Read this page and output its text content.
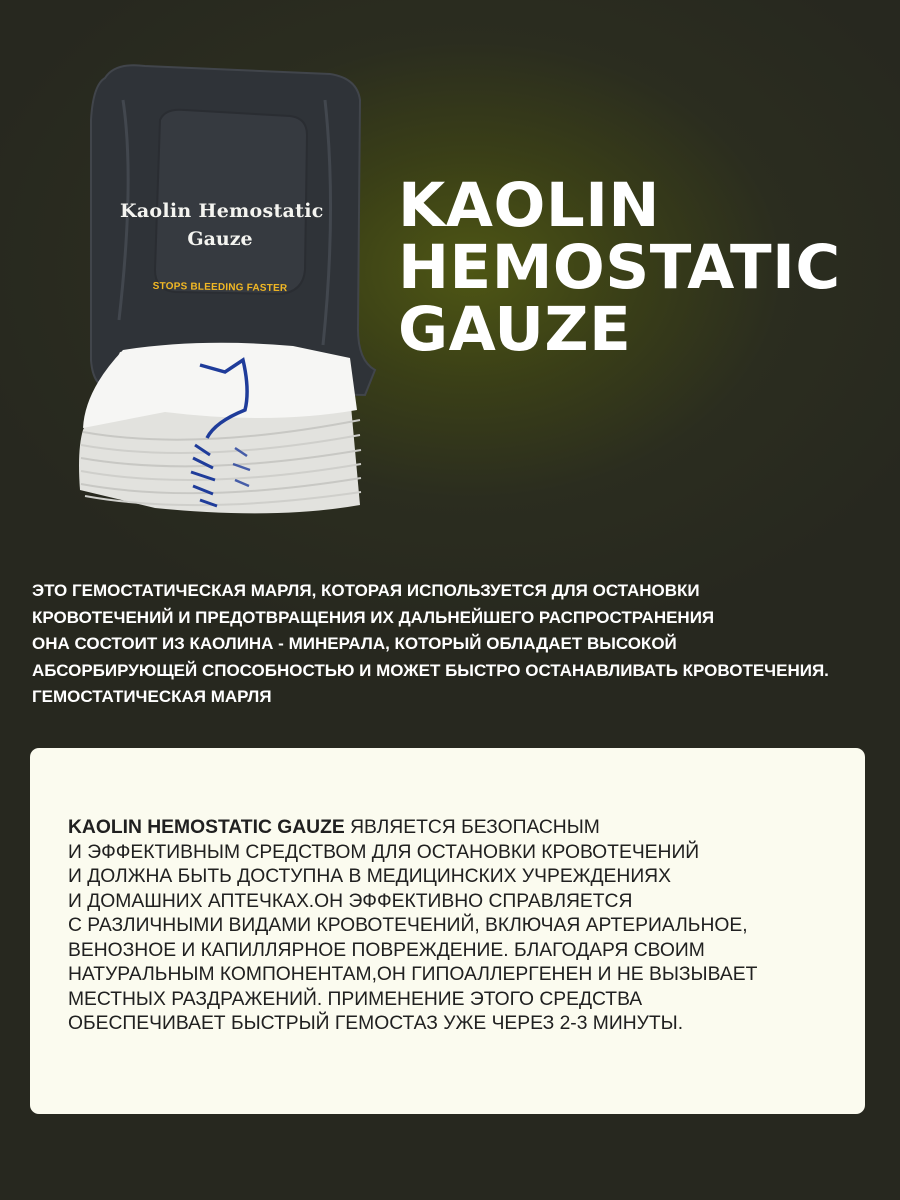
Kaolin Hemostatic
Gauze
STOPS BLEEDING FASTER
KAOLIN
HEMOSTATIC
GAUZE
ЭТО ГЕМОСТАТИЧЕСКАЯ МАРЛЯ, КОТОРАЯ ИСПОЛЬЗУЕТСЯ ДЛЯ ОСТАНОВКИ
КРОВОТЕЧЕНИЙ И ПРЕДОТВРАЩЕНИЯ ИХ ДАЛЬНЕЙШЕГО РАСПРОСТРАНЕНИЯ
ОНА СОСТОИТ ИЗ КАОЛИНА - МИНЕРАЛА, КОТОРЫЙ ОБЛАДАЕТ ВЫСОКОЙ
АБСОРБИРУЮЩЕЙ СПОСОБНОСТЬЮ И МОЖЕТ БЫСТРО ОСТАНАВЛИВАТЬ КРОВОТЕЧЕНИЯ.
ГЕМОСТАТИЧЕСКАЯ МАРЛЯ
KAOLIN HEMOSTATIC GAUZE ЯВЛЯЕТСЯ БЕЗОПАСНЫМ
И ЭФФЕКТИВНЫМ СРЕДСТВОМ ДЛЯ ОСТАНОВКИ КРОВОТЕЧЕНИЙ
И ДОЛЖНА БЫТЬ ДОСТУПНА В МЕДИЦИНСКИХ УЧРЕЖДЕНИЯХ
И ДОМАШНИХ АПТЕЧКАХ.ОН ЭФФЕКТИВНО СПРАВЛЯЕТСЯ
С РАЗЛИЧНЫМИ ВИДАМИ КРОВОТЕЧЕНИЙ, ВКЛЮЧАЯ АРТЕРИАЛЬНОЕ,
ВЕНОЗНОЕ И КАПИЛЛЯРНОЕ ПОВРЕЖДЕНИЕ. БЛАГОДАРЯ СВОИМ
НАТУРАЛЬНЫМ КОМПОНЕНТАМ,ОН ГИПОАЛЛЕРГЕНЕН И НЕ ВЫЗЫВАЕТ
МЕСТНЫХ РАЗДРАЖЕНИЙ. ПРИМЕНЕНИЕ ЭТОГО СРЕДСТВА
ОБЕСПЕЧИВАЕТ БЫСТРЫЙ ГЕМОСТАЗ УЖЕ ЧЕРЕЗ 2-3 МИНУТЫ.
